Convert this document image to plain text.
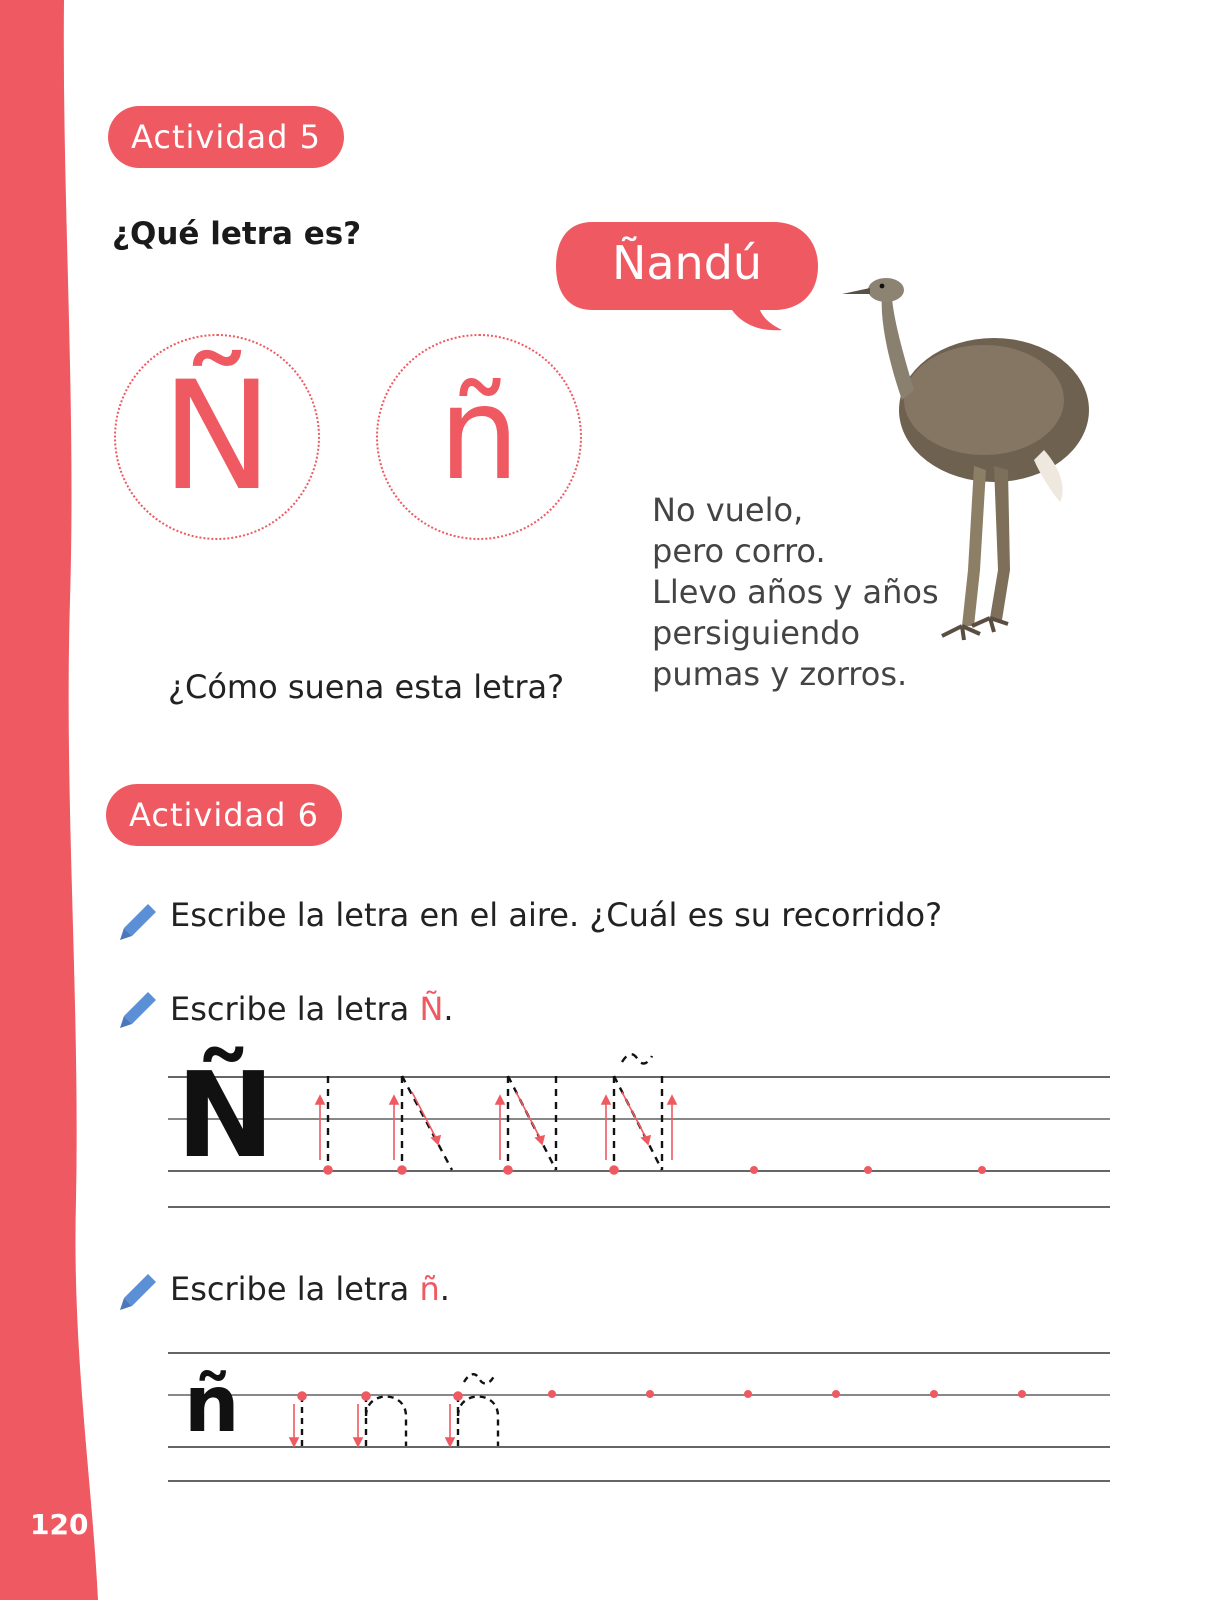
120
Actividad 5
¿Qué letra es?
Ñ	ñ
Ñandú
No vuelo,
pero corro.
Llevo años y años
persiguiendo
pumas y zorros.
¿Cómo suena esta letra?
Actividad 6
Escribe la letra en el aire. ¿Cuál es su recorrido?
Escribe la letra Ñ.
Ñ
Escribe la letra ñ.
ñ
